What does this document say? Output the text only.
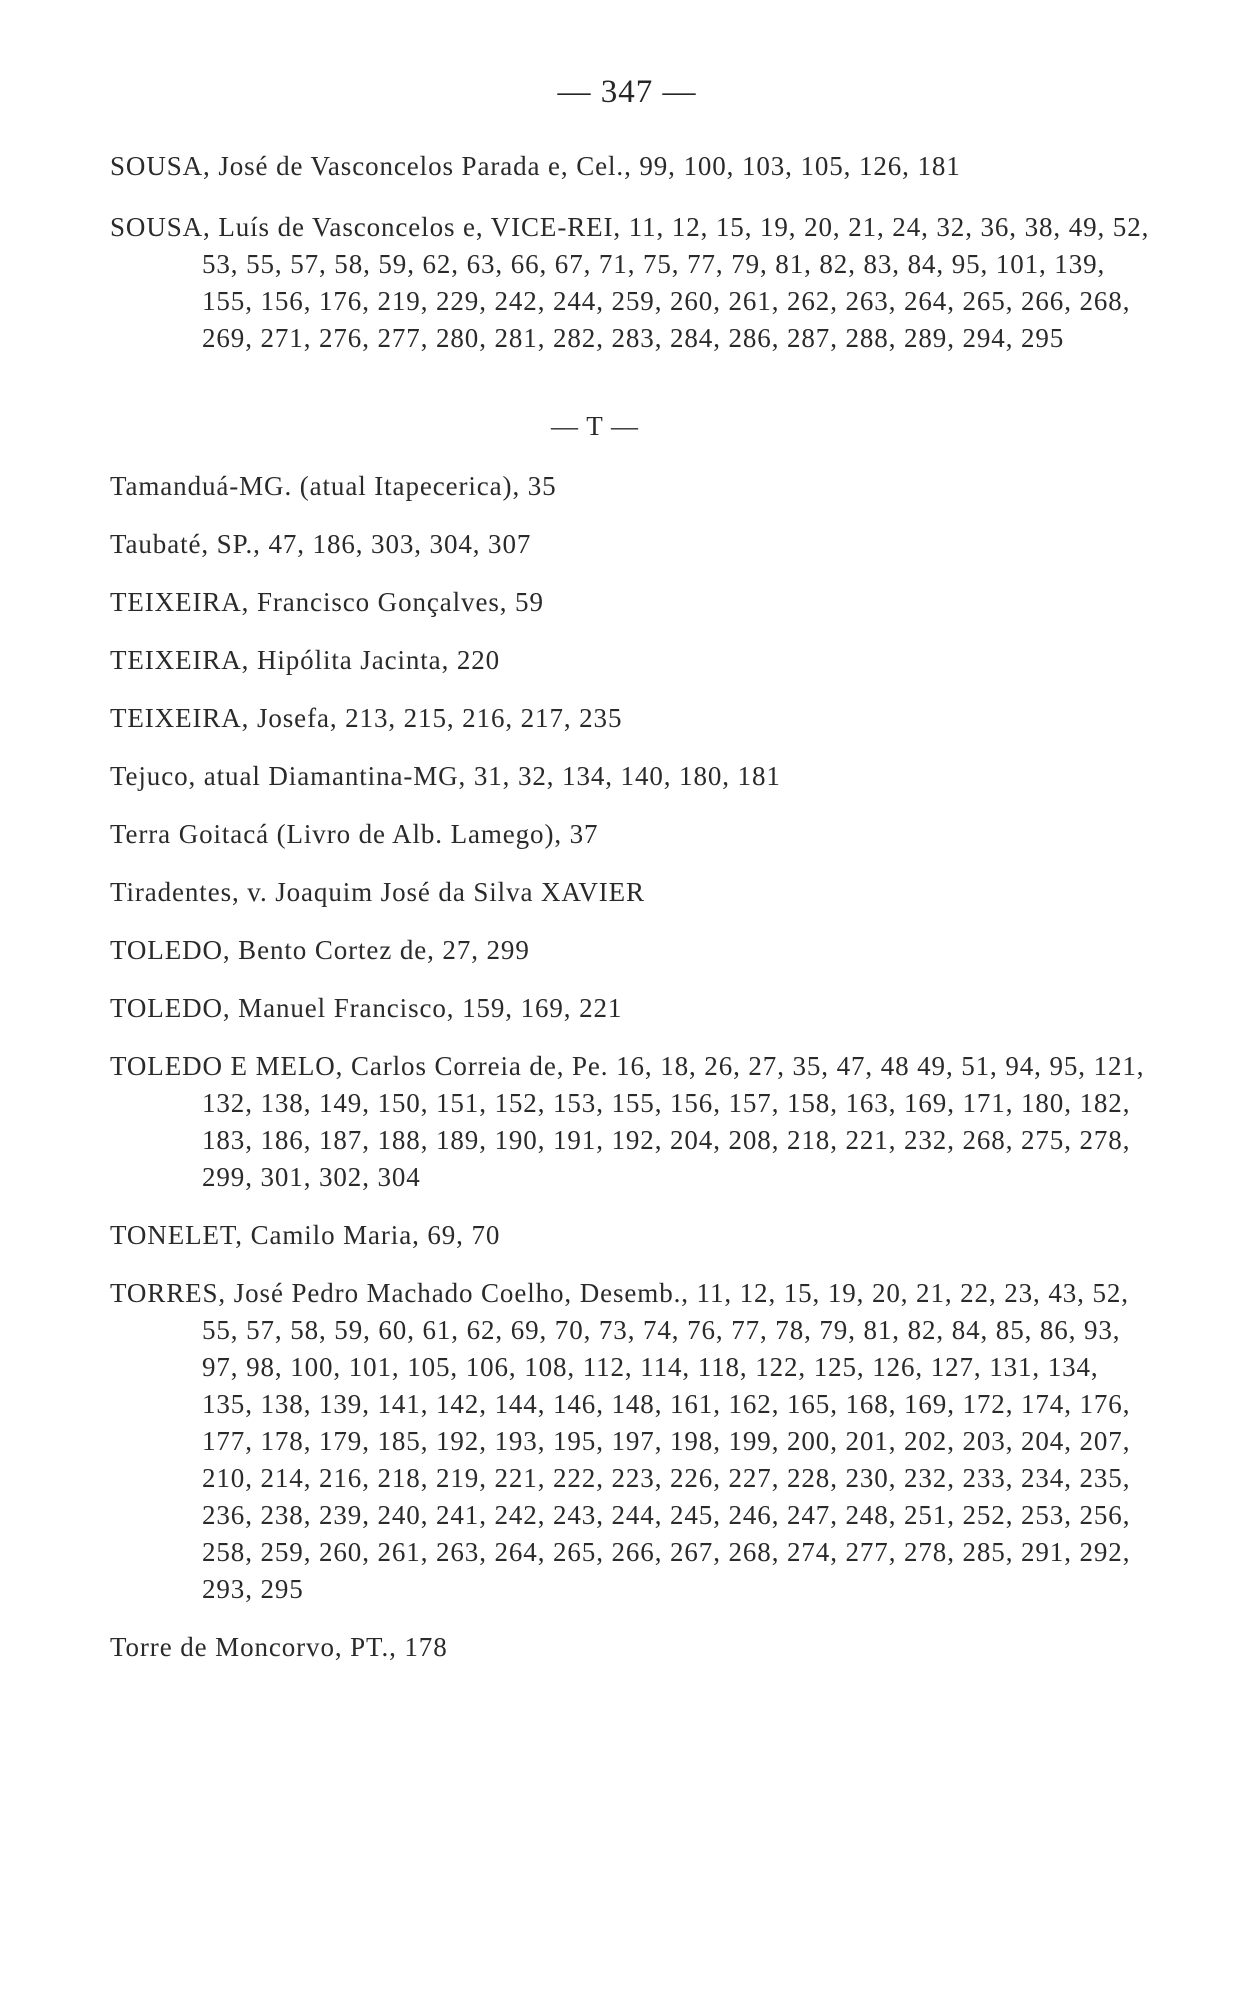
— 347 —

SOUSA, José de Vasconcelos Parada e, Cel., 99, 100, 103, 105, 126, 181

SOUSA, Luís de Vasconcelos e, VICE-REI, 11, 12, 15, 19, 20, 21, 24, 32, 36, 38, 49, 52, 53, 55, 57, 58, 59, 62, 63, 66, 67, 71, 75, 77, 79, 81, 82, 83, 84, 95, 101, 139, 155, 156, 176, 219, 229, 242, 244, 259, 260, 261, 262, 263, 264, 265, 266, 268, 269, 271, 276, 277, 280, 281, 282, 283, 284, 286, 287, 288, 289, 294, 295

— T —

Tamanduá-MG. (atual Itapecerica), 35

Taubaté, SP., 47, 186, 303, 304, 307

TEIXEIRA, Francisco Gonçalves, 59

TEIXEIRA, Hipólita Jacinta, 220

TEIXEIRA, Josefa, 213, 215, 216, 217, 235

Tejuco, atual Diamantina-MG, 31, 32, 134, 140, 180, 181

Terra Goitacá (Livro de Alb. Lamego), 37

Tiradentes, v. Joaquim José da Silva XAVIER

TOLEDO, Bento Cortez de, 27, 299

TOLEDO, Manuel Francisco, 159, 169, 221

TOLEDO E MELO, Carlos Correia de, Pe. 16, 18, 26, 27, 35, 47, 48 49, 51, 94, 95, 121, 132, 138, 149, 150, 151, 152, 153, 155, 156, 157, 158, 163, 169, 171, 180, 182, 183, 186, 187, 188, 189, 190, 191, 192, 204, 208, 218, 221, 232, 268, 275, 278, 299, 301, 302, 304

TONELET, Camilo Maria, 69, 70

TORRES, José Pedro Machado Coelho, Desemb., 11, 12, 15, 19, 20, 21, 22, 23, 43, 52, 55, 57, 58, 59, 60, 61, 62, 69, 70, 73, 74, 76, 77, 78, 79, 81, 82, 84, 85, 86, 93, 97, 98, 100, 101, 105, 106, 108, 112, 114, 118, 122, 125, 126, 127, 131, 134, 135, 138, 139, 141, 142, 144, 146, 148, 161, 162, 165, 168, 169, 172, 174, 176, 177, 178, 179, 185, 192, 193, 195, 197, 198, 199, 200, 201, 202, 203, 204, 207, 210, 214, 216, 218, 219, 221, 222, 223, 226, 227, 228, 230, 232, 233, 234, 235, 236, 238, 239, 240, 241, 242, 243, 244, 245, 246, 247, 248, 251, 252, 253, 256, 258, 259, 260, 261, 263, 264, 265, 266, 267, 268, 274, 277, 278, 285, 291, 292, 293, 295

Torre de Moncorvo, PT., 178
